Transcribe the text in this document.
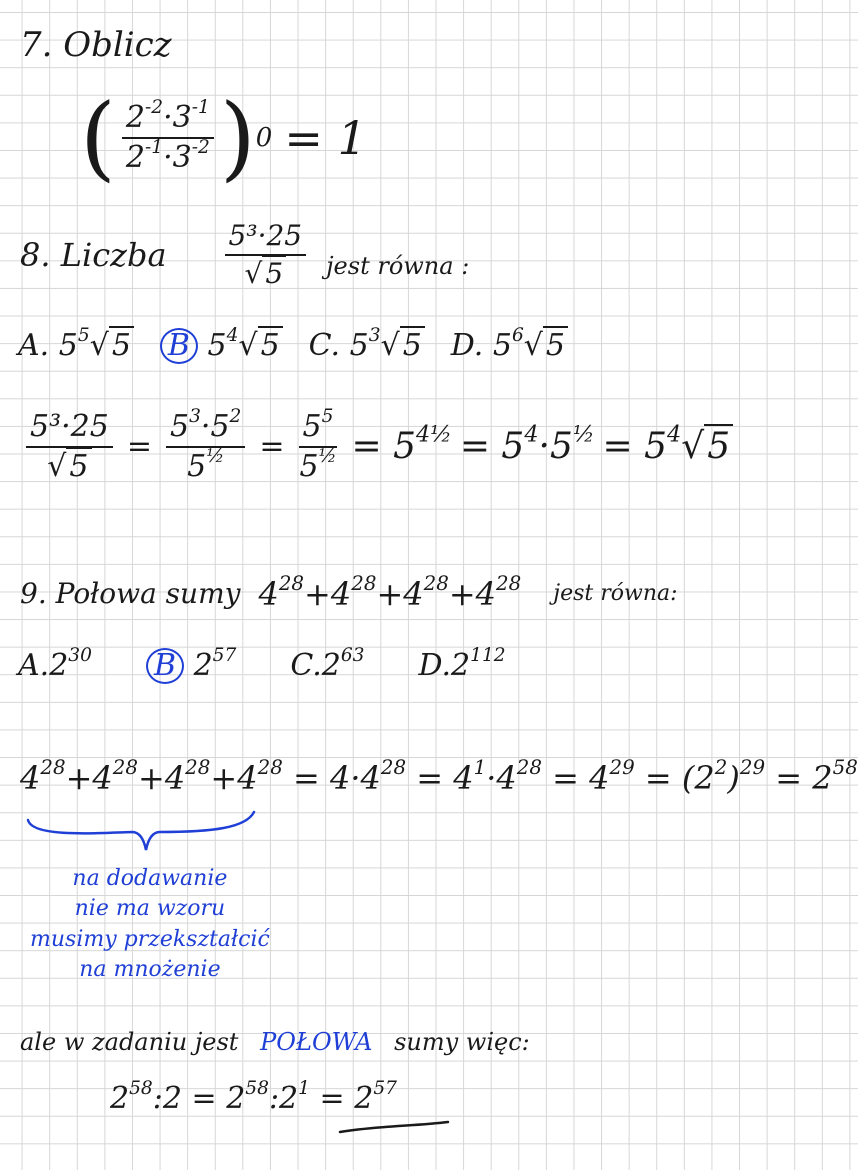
7. Oblicz
( $\frac{2^{-2}\cdot 3^{-1}}{2^{-1}\cdot 3^{-2}}$ ) 0 = 1
8. Liczba $\frac{\text{5³·25}}{√ 5}$ jest równa :
A. $5^5√$ 5 B $5^4√$ 5 C. $5^3√$ 5 D. $5^6√$ 5
$\frac{\text{5³·25}}{√ 5} = \frac{5^3\cdot 5^2}{5^{\frac{1}{2}}} = \frac{5^5}{5^{\frac{1}{2}}} = 5^{4\frac{1}{2}} = 5^4\cdot 5^{\frac{1}{2}} = 5^4√5$
9. Połowa sumy $4^{28}+4^{28}+4^{28}+4^{28}$ jest równa:
$A.2^{30}$ B $2^{57}$ $C.2^{63}$ $D.2^{112}$
$4^{28}+4^{28}+4^{28}+4^{28} = 4\cdot 4^{28} = 4^1\cdot 4^{28} = 4^{29} = (2^2)^{29} = 2^{58}$
na dodawanie
nie ma wzoru
musimy przekształcić
na mnożenie
ale w zadaniu jest POŁOWA sumy więc:
$2^{58}:2$ = $2^{58}:2^1 = 2^{57}$
